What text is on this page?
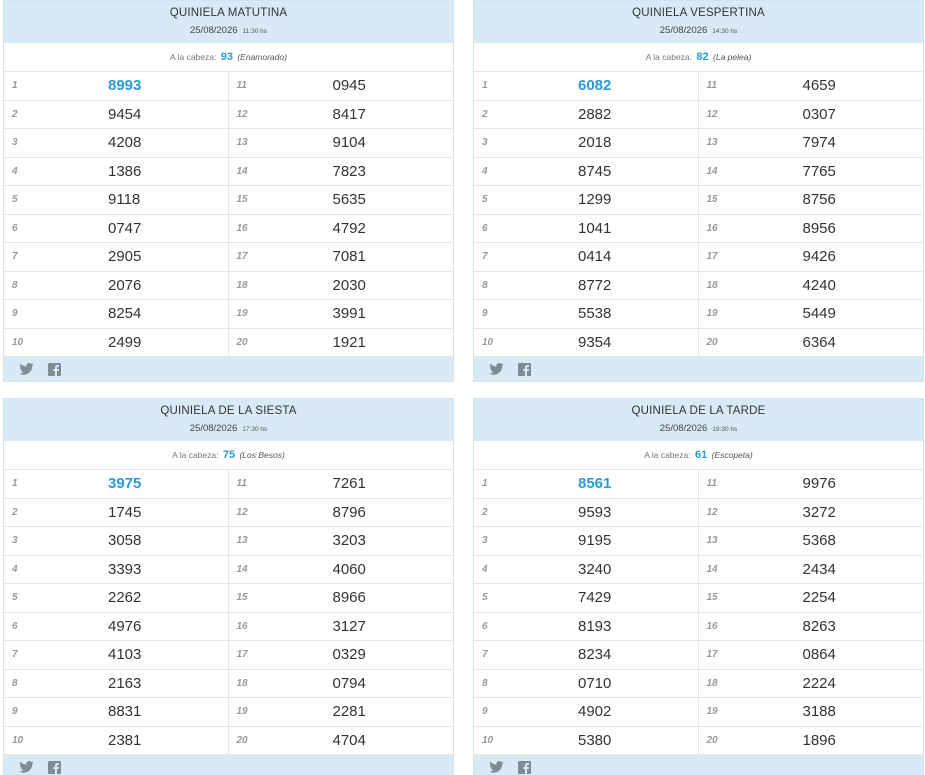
QUINIELA MATUTINA
25/08/2026 11:30 hs
A la cabeza: 93 (Enamorado)
1	8993	11	0945
2	9454	12	8417
3	4208	13	9104
4	1386	14	7823
5	9118	15	5635
6	0747	16	4792
7	2905	17	7081
8	2076	18	2030
9	8254	19	3991
10	2499	20	1921
QUINIELA VESPERTINA
25/08/2026 14:30 hs
A la cabeza: 82 (La pelea)
1	6082	11	4659
2	2882	12	0307
3	2018	13	7974
4	8745	14	7765
5	1299	15	8756
6	1041	16	8956
7	0414	17	9426
8	8772	18	4240
9	5538	19	5449
10	9354	20	6364
QUINIELA DE LA SIESTA
25/08/2026 17:30 hs
A la cabeza: 75 (Los Besos)
1	3975	11	7261
2	1745	12	8796
3	3058	13	3203
4	3393	14	4060
5	2262	15	8966
6	4976	16	3127
7	4103	17	0329
8	2163	18	0794
9	8831	19	2281
10	2381	20	4704
QUINIELA DE LA TARDE
25/08/2026 19:30 hs
A la cabeza: 61 (Escopeta)
1	8561	11	9976
2	9593	12	3272
3	9195	13	5368
4	3240	14	2434
5	7429	15	2254
6	8193	16	8263
7	8234	17	0864
8	0710	18	2224
9	4902	19	3188
10	5380	20	1896
